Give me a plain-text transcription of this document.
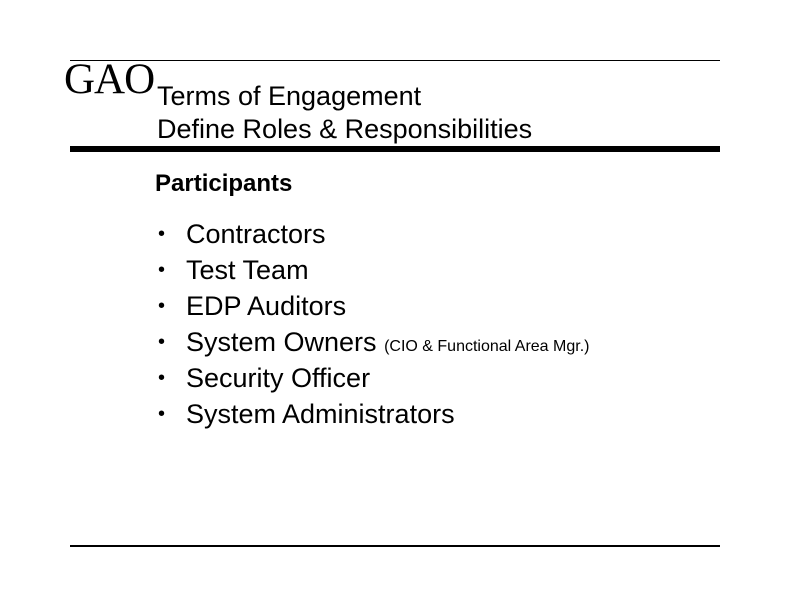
GAO Terms of Engagement
Define Roles & Responsibilities
Participants
• Contractors
• Test Team
• EDP Auditors
• System Owners (CIO & Functional Area Mgr.)
• Security Officer
• System Administrators
